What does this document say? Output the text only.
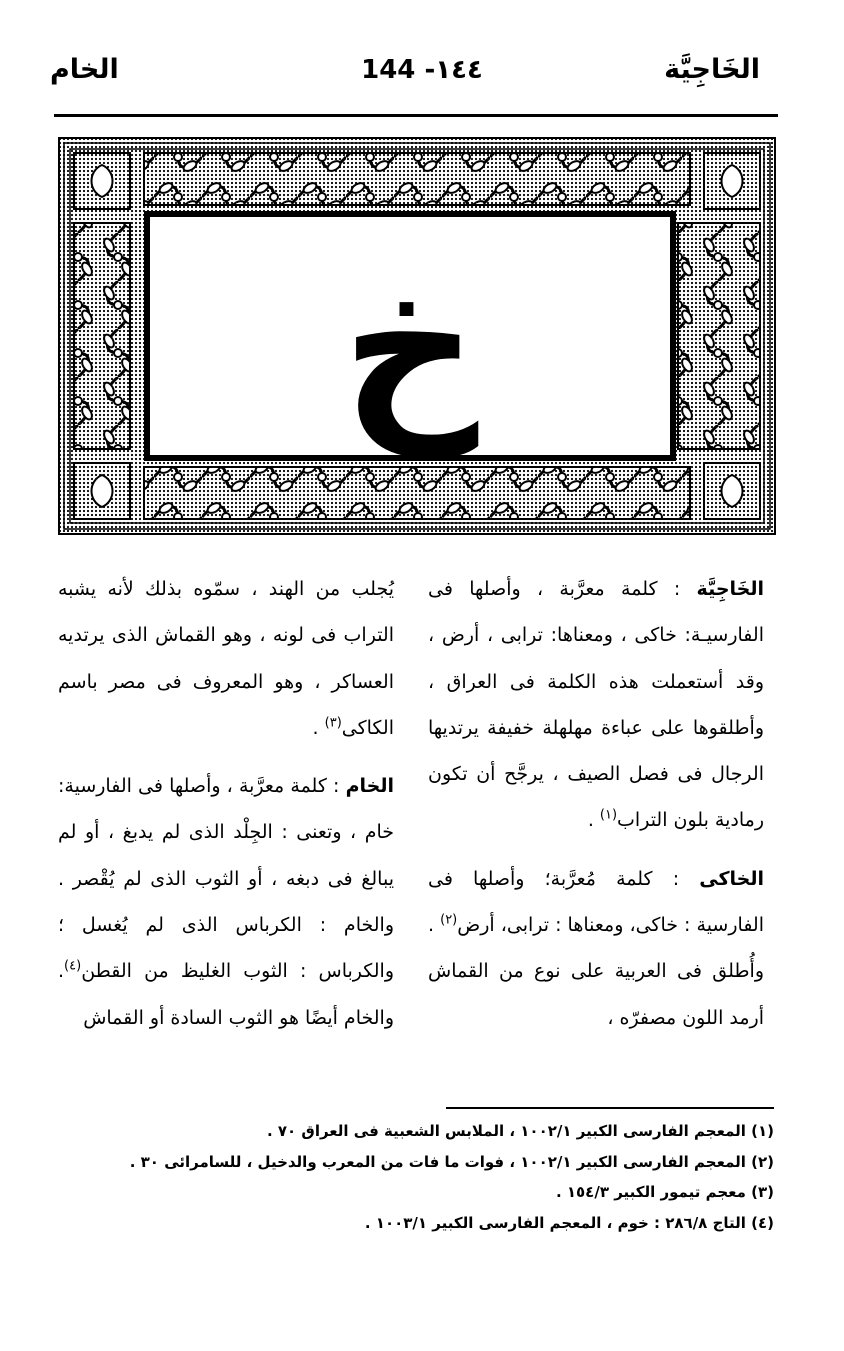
الخَاجِيَّة
144 -١٤٤
الخام
خ

الخَاجِيَّة : كلمة معرَّبة ، وأصلها فى الفارسيـة: خاكى ، ومعناها: ترابى ، أرض ، وقد أستعملت هذه الكلمة فى العراق ، وأطلقوها على عباءة مهلهلة خفيفة يرتديها الرجال فى فصل الصيف ، يرجَّح أن تكون رمادية بلون التراب$^{(١)}$ .

الخاكى : كلمة مُعرَّبة؛ وأصلها فى الفارسية : خاكى، ومعناها : ترابى، أرض$^{(٢)}$ . وأُطلق فى العربية على نوع من القماش أرمد اللون مصفرّه ،

يُجلب من الهند ، سمّوه بذلك لأنه يشبه التراب فى لونه ، وهو القماش الذى يرتديه العساكر ، وهو المعروف فى مصر باسم الكاكى$^{(٣)}$ .

الخام : كلمة معرَّبة ، وأصلها فى الفارسية: خام ، وتعنى : الجِلْد الذى لم يدبغ ، أو لم يبالغ فى دبغه ، أو الثوب الذى لم يُقْصر . والخام : الكرباس الذى لم يُغسل ؛ والكرباس : الثوب الغليظ من القطن$^{(٤)}$. والخام أيضًا هو الثوب السادة أو القماش

(١) المعجم الفارسى الكبير ١٠٠٢/١ ، الملابس الشعبية فى العراق ٧٠ .
(٢) المعجم الفارسى الكبير ١٠٠٢/١ ، فوات ما فات من المعرب والدخيل ، للسامرائى ٣٠ .
(٣) معجم تيمور الكبير ١٥٤/٣ .
(٤) التاج ٢٨٦/٨ : خوم ، المعجم الفارسى الكبير ١٠٠٣/١ .
